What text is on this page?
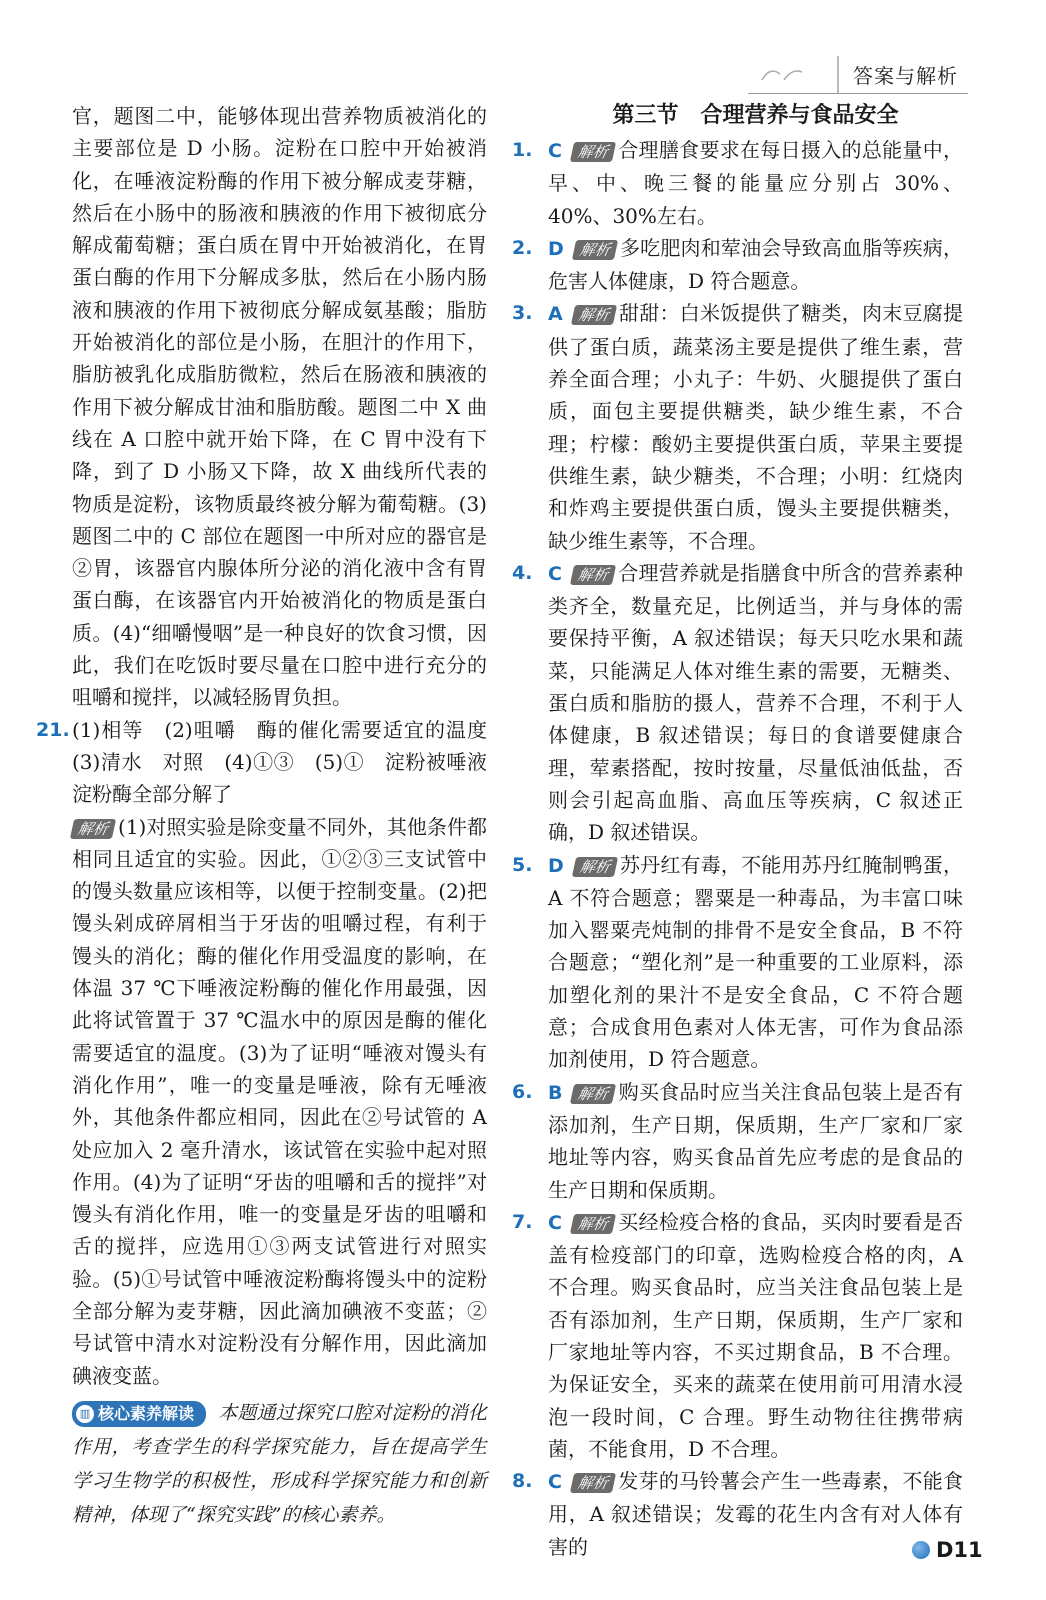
答案与解析

官，题图二中，能够体现出营养物质被消化的主要部位是 D 小肠。淀粉在口腔中开始被消化，在唾液淀粉酶的作用下被分解成麦芽糖，然后在小肠中的肠液和胰液的作用下被彻底分解成葡萄糖；蛋白质在胃中开始被消化，在胃蛋白酶的作用下分解成多肽，然后在小肠内肠液和胰液的作用下被彻底分解成氨基酸；脂肪开始被消化的部位是小肠，在胆汁的作用下，脂肪被乳化成脂肪微粒，然后在肠液和胰液的作用下被分解成甘油和脂肪酸。题图二中 X 曲线在 A 口腔中就开始下降，在 C 胃中没有下降，到了 D 小肠又下降，故 X 曲线所代表的物质是淀粉，该物质最终被分解为葡萄糖。(3)题图二中的 C 部位在题图一中所对应的器官是②胃，该器官内腺体所分泌的消化液中含有胃蛋白酶，在该器官内开始被消化的物质是蛋白质。(4)“细嚼慢咽”是一种良好的饮食习惯，因此，我们在吃饭时要尽量在口腔中进行充分的咀嚼和搅拌，以减轻肠胃负担。

21. (1)相等　(2)咀嚼　酶的催化需要适宜的温度　(3)清水　对照　(4)①③　(5)①　淀粉被唾液淀粉酶全部分解了

解析 (1)对照实验是除变量不同外，其他条件都相同且适宜的实验。因此，①②③三支试管中的馒头数量应该相等，以便于控制变量。(2)把馒头剁成碎屑相当于牙齿的咀嚼过程，有利于馒头的消化；酶的催化作用受温度的影响，在体温 37 ℃下唾液淀粉酶的催化作用最强，因此将试管置于 37 ℃温水中的原因是酶的催化需要适宜的温度。(3)为了证明“唾液对馒头有消化作用”，唯一的变量是唾液，除有无唾液外，其他条件都应相同，因此在②号试管的 A 处应加入 2 毫升清水，该试管在实验中起对照作用。(4)为了证明“牙齿的咀嚼和舌的搅拌”对馒头有消化作用，唯一的变量是牙齿的咀嚼和舌的搅拌，应选用①③两支试管进行对照实验。(5)①号试管中唾液淀粉酶将馒头中的淀粉全部分解为麦芽糖，因此滴加碘液不变蓝；②号试管中清水对淀粉没有分解作用，因此滴加碘液变蓝。

▥ 核心素养解读 本题通过探究口腔对淀粉的消化作用，考查学生的科学探究能力，旨在提高学生学习生物学的积极性，形成科学探究能力和创新精神，体现了“探究实践”的核心素养。
第三节　合理营养与食品安全
1. C 解析 合理膳食要求在每日摄入的总能量中，早、中、晚三餐的能量应分别占 30%、40%、30%左右。

2. D 解析 多吃肥肉和荤油会导致高血脂等疾病，危害人体健康，D 符合题意。

3. A 解析 甜甜：白米饭提供了糖类，肉末豆腐提供了蛋白质，蔬菜汤主要是提供了维生素，营养全面合理；小丸子：牛奶、火腿提供了蛋白质，面包主要提供糖类，缺少维生素，不合理；柠檬：酸奶主要提供蛋白质，苹果主要提供维生素，缺少糖类，不合理；小明：红烧肉和炸鸡主要提供蛋白质，馒头主要提供糖类，缺少维生素等，不合理。

4. C 解析 合理营养就是指膳食中所含的营养素种类齐全，数量充足，比例适当，并与身体的需要保持平衡，A 叙述错误；每天只吃水果和蔬菜，只能满足人体对维生素的需要，无糖类、蛋白质和脂肪的摄人，营养不合理，不利于人体健康，B 叙述错误；每日的食谱要健康合理，荤素搭配，按时按量，尽量低油低盐，否则会引起高血脂、高血压等疾病，C 叙述正确，D 叙述错误。

5. D 解析 苏丹红有毒，不能用苏丹红腌制鸭蛋，A 不符合题意；罂粟是一种毒品，为丰富口味加入罂粟壳炖制的排骨不是安全食品，B 不符合题意；“塑化剂”是一种重要的工业原料，添加塑化剂的果汁不是安全食品，C 不符合题意；合成食用色素对人体无害，可作为食品添加剂使用，D 符合题意。

6. B 解析 购买食品时应当关注食品包装上是否有添加剂，生产日期，保质期，生产厂家和厂家地址等内容，购买食品首先应考虑的是食品的生产日期和保质期。

7. C 解析 买经检疫合格的食品，买肉时要看是否盖有检疫部门的印章，选购检疫合格的肉，A 不合理。购买食品时，应当关注食品包装上是否有添加剂，生产日期，保质期，生产厂家和厂家地址等内容，不买过期食品，B 不合理。为保证安全，买来的蔬菜在使用前可用清水浸泡一段时间，C 合理。野生动物往往携带病菌，不能食用，D 不合理。

8. C 解析 发芽的马铃薯会产生一些毒素，不能食用，A 叙述错误；发霉的花生内含有对人体有害的	D11
